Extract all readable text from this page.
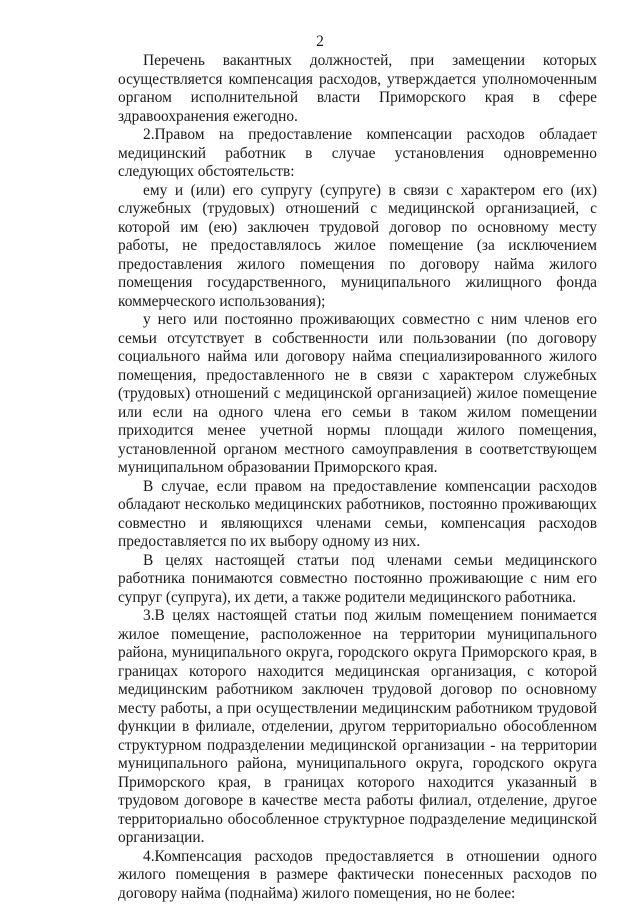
2

Перечень вакантных должностей, при замещении которых осуществляется компенсация расходов, утверждается уполномоченным органом исполнительной власти Приморского края в сфере здравоохранения ежегодно.

2.Правом на предоставление компенсации расходов обладает медицинский работник в случае установления одновременно следующих обстоятельств:

ему и (или) его супругу (супруге) в связи с характером его (их) служебных (трудовых) отношений с медицинской организацией, с которой им (ею) заключен трудовой договор по основному месту работы, не предоставлялось жилое помещение (за исключением предоставления жилого помещения по договору найма жилого помещения государственного, муниципального жилищного фонда коммерческого использования);

у него или постоянно проживающих совместно с ним членов его семьи отсутствует в собственности или пользовании (по договору социального найма или договору найма специализированного жилого помещения, предоставленного не в связи с характером служебных (трудовых) отношений с медицинской организацией) жилое помещение или если на одного члена его семьи в таком жилом помещении приходится менее учетной нормы площади жилого помещения, установленной органом местного самоуправления в соответствующем муниципальном образовании Приморского края.

В случае, если правом на предоставление компенсации расходов обладают несколько медицинских работников, постоянно проживающих совместно и являющихся членами семьи, компенсация расходов предоставляется по их выбору одному из них.

В целях настоящей статьи под членами семьи медицинского работника понимаются совместно постоянно проживающие с ним его супруг (супруга), их дети, а также родители медицинского работника.

3.В целях настоящей статьи под жилым помещением понимается жилое помещение, расположенное на территории муниципального района, муниципального округа, городского округа Приморского края, в границах которого находится медицинская организация, с которой медицинским работником заключен трудовой договор по основному месту работы, а при осуществлении медицинским работником трудовой функции в филиале, отделении, другом территориально обособленном структурном подразделении медицинской организации - на территории муниципального района, муниципального округа, городского округа Приморского края, в границах которого находится указанный в трудовом договоре в качестве места работы филиал, отделение, другое территориально обособленное структурное подразделение медицинской организации.

4.Компенсация расходов предоставляется в отношении одного жилого помещения в размере фактически понесенных расходов по договору найма (поднайма) жилого помещения, но не более:
